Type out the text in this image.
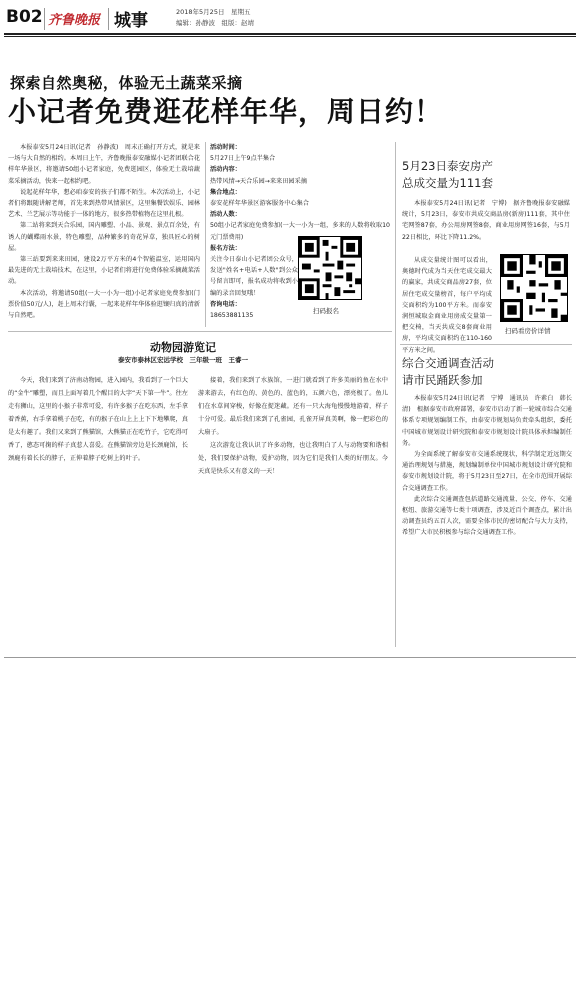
B02 齐鲁晚报 城事	2018年5月25日　星期五
编辑：孙静波　组版：赵靖
探索自然奥秘，体验无土蔬菜采摘
小记者免费逛花样年华，周日约！

本报泰安5月24日讯(记者　孙静波)　周末正确打开方式，就是来一场与大自然的相约。本周日上午，齐鲁晚报泰安融媒小记者团联合花样年华景区，将邀请50组小记者家庭，免费逛园区，体验无土栽培蔬菜采摘活动，快来一起相约吧。

说起花样年华，想必咱泰安的孩子们都不陌生。本次活动上，小记者们将跟随讲解老师，首先来到热带风情景区，这里集餐饮娱乐、园林艺术、兰艺展示等功能于一体的地方，很多热带植物在这里扎根。

第二站将来到天合乐园，国内雕塑、小品、景观、景点百余处，有诱人的蝴蝶雨水景，特色雕塑，品种繁多的奇花异草，独具匠心的树屋。

第三站要到来来田园，建设2万平方米的4个智能温室，运用国内最先进的无土栽培技术，在这里，小记者们将进行免费体验采摘蔬菜活动。

本次活动，将邀请50组(一大一小为一组)小记者家庭免费参加(门票价值50元/人)，赶上周末行囊，一起来花样年华体验逛镶归真的清新与自然吧。

活动时间：
5月27日上午9点半集合
活动内容：
热带风情→天合乐园→来来田园采摘
集合地点：
泰安花样年华景区游客服务中心集合
活动人数：
50组小记者家庭免费参加(一大一小为一组，多来的人数将收取10元门票费用)
报名方法：
关注今日泰山小记者团公众号，发送"姓名+电话+人数"到公众号留言即可，报名成功将收到小编的录音回复哦！
咨询电话：
18653881135
扫码报名
5月23日泰安房产
总成交量为111套

本报泰安5月24日讯(记者　宁博)　据齐鲁晚报泰安融媒统计，5月23日，泰安市共成交商品房(新房)111套，其中住宅网签87套，办公用房网签8套，商业用房网签16套，与5月22日相比，环比下降11.2%。

从成交量统计图可以看出，奥德时代成为当天住宅成交最大的赢家，共成交商品房27套，位居住宅成交量榜首，每户平均成交面积约为100平方米。而泰安润恒城取金商业用房成交量第一把交椅，当天共成交8套商业用房，平均成交面积约在110-160平方米之间。

扫码看房价详情
综合交通调查活动
请市民踊跃参加

本报泰安5月24日讯(记者　宁博　通讯员　许素白　韩长清)　根据泰安市政府部署，泰安市启动了新一轮城市综合交通体系专项规划编制工作，由泰安市规划局负责牵头组织，委托中国城市规划设计研究院和泰安市规划设计院具体承担编制任务。

为全面系统了解泰安市交通系统现状，科学制定近远期交通治理规划与措施，规划编制单位中国城市规划设计研究院和泰安市规划设计院，将于5月23日至27日，在全市范围开展综合交通调查工作。

此次综合交通调查包括道路交通流量、公交、停车、交通枢纽、旅游交通等七类十项调查，涉及近百个调查点，累计出动调查员约五百人次，需要全体市民的密切配合与大力支持，希望广大市民积极参与综合交通调查工作。

动物园游览记
泰安市泰林区宏远学校　三年级一班　王睿一

今天，我们来到了济南动物园，进入园内，我看到了一个巨大的“金牛”雕塑，而且上面写着几个醒目的大字“天下第一牛”。往左走有狮山，这里的小猴子非常可爱，有许多猴子在吃东西，左手拿着香蕉，右手拿着桃子在吃，有的猴子在山上上上下下地攀爬，真是太有趣了。我们又来到了熊猫馆，大熊猫正在吃竹子，它吃得可香了，憨态可掬的样子真惹人喜爱。在熊猫馆旁边是长颈鹿馆，长颈鹿有着长长的脖子，正伸着脖子吃树上的叶子。

接着，我们来到了水族馆，一进门就看到了许多美丽的鱼在水中游来游去，有红色的、黄色的、蓝色的，五颜六色，漂亮极了。鱼儿们在水草间穿梭，好像在捉迷藏。还有一只大海龟慢慢地游着，样子十分可爱。最后我们来到了孔雀园，孔雀开屏真美啊，像一把彩色的大扇子。

这次游览让我认识了许多动物，也让我明白了人与动物要和谐相处，我们要保护动物，爱护动物，因为它们是我们人类的好朋友。今天真是快乐又有意义的一天！
